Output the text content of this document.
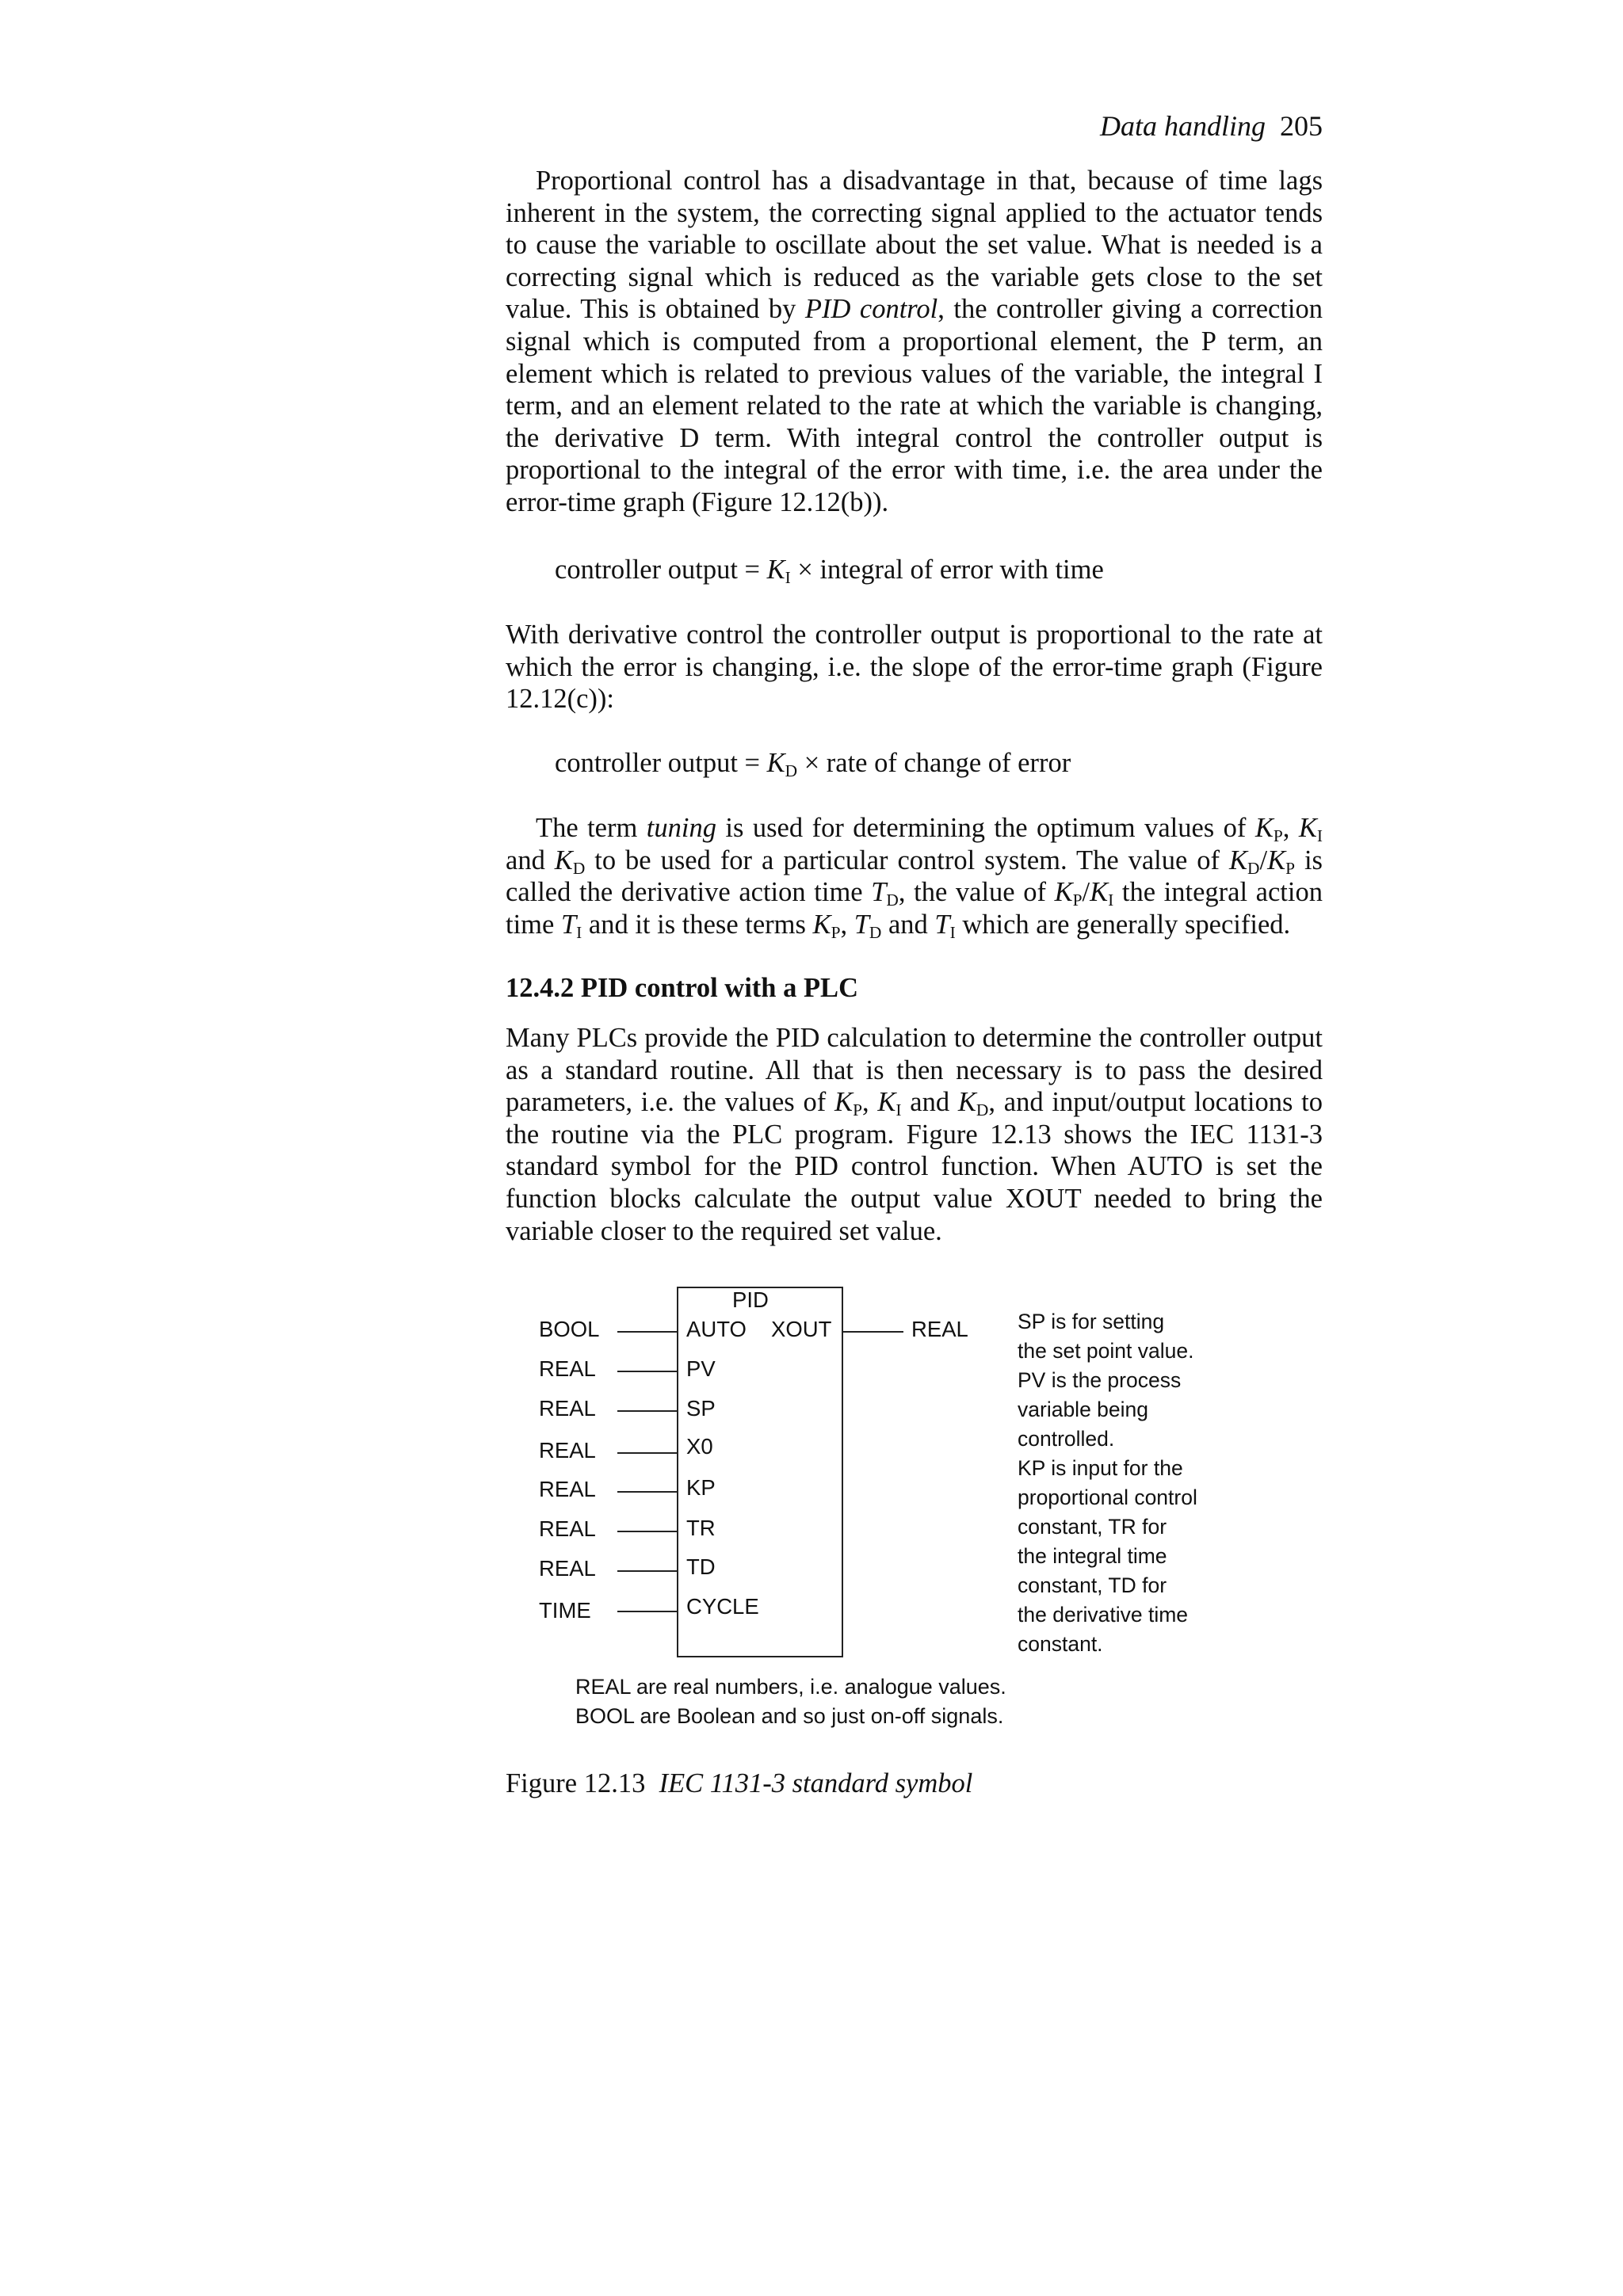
Data handling 205
Proportional control has a disadvantage in that, because of time lags inherent in the system, the correcting signal applied to the actuator tends to cause the variable to oscillate about the set value. What is needed is a correcting signal which is reduced as the variable gets close to the set value. This is obtained by PID control, the controller giving a correction signal which is computed from a proportional element, the P term, an element which is related to previous values of the variable, the integral I term, and an element related to the rate at which the variable is changing, the derivative D term. With integral control the controller output is proportional to the integral of the error with time, i.e. the area under the error-time graph (Figure 12.12(b)).
controller output = $K_I$ × integral of error with time
With derivative control the controller output is proportional to the rate at which the error is changing, i.e. the slope of the error-time graph (Figure 12.12(c)):
controller output = $K_D$ × rate of change of error
The term tuning is used for determining the optimum values of $K_P$, $K_I$ and $K_D$ to be used for a particular control system. The value of $K_D/K_P$ is called the derivative action time $T_D$, the value of $K_P/K_I$ the integral action time $T_I$ and it is these terms $K_P$, $T_D$ and $T_I$ which are generally specified.
12.4.2 PID control with a PLC
Many PLCs provide the PID calculation to determine the controller output as a standard routine. All that is then necessary is to pass the desired parameters, i.e. the values of $K_P$, $K_I$ and $K_D$, and input/output locations to the routine via the PLC program. Figure 12.13 shows the IEC 1131-3 standard symbol for the PID control function. When AUTO is set the function blocks calculate the output value XOUT needed to bring the variable closer to the required set value.
PID
BOOL	AUTO
REAL	PV
REAL	SP
REAL	X0
REAL	KP
REAL	TR
REAL	TD
TIME	CYCLE
XOUT	REAL SP is for setting
the set point value.
PV is the process
variable being
controlled.
KP is input for the
proportional control
constant, TR for
the integral time
constant, TD for
the derivative time
constant.
REAL are real numbers, i.e. analogue values.
BOOL are Boolean and so just on-off signals.
Figure 12.13 IEC 1131-3 standard symbol
